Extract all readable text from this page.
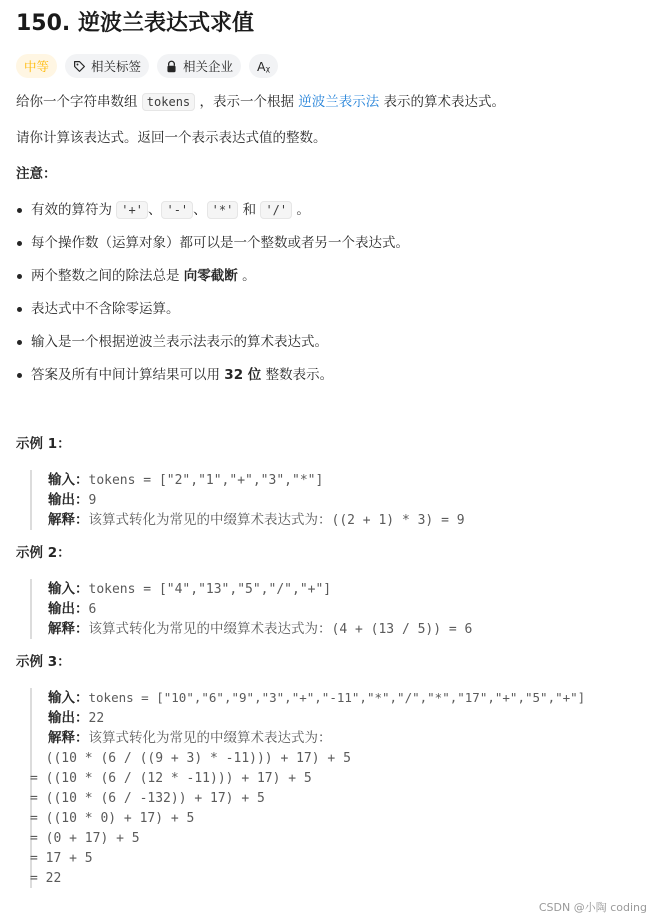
150. 逆波兰表达式求值
中等	相关标签	相关企业 Aᵪ

给你一个字符串数组 tokens ，表示一个根据 逆波兰表示法 表示的算术表达式。

请你计算该表达式。返回一个表示表达式值的整数。

注意：

有效的算符为 '+' 、 '-' 、 '*' 和 '/' 。
每个操作数（运算对象）都可以是一个整数或者另一个表达式。
两个整数之间的除法总是 向零截断 。
表达式中不含除零运算。
输入是一个根据逆波兰表示法表示的算术表达式。
答案及所有中间计算结果可以用 32 位 整数表示。

示例 1：

输入：tokens = ["2","1","+","3","*"]
输出：9
解释：该算式转化为常见的中缀算术表达式为：((2 + 1) * 3) = 9

示例 2：

输入：tokens = ["4","13","5","/","+"]
输出：6
解释：该算式转化为常见的中缀算术表达式为：(4 + (13 / 5)) = 6

示例 3：

输入：tokens = ["10","6","9","3","+","-11","*","/","*","17","+","5","+"]
输出：22
解释：该算式转化为常见的中缀算术表达式为：
((10 * (6 / ((9 + 3) * -11))) + 17) + 5
= ((10 * (6 / (12 * -11))) + 17) + 5
= ((10 * (6 / -132)) + 17) + 5
= ((10 * 0) + 17) + 5
= (0 + 17) + 5
= 17 + 5
= 22
CSDN @小陶 coding
